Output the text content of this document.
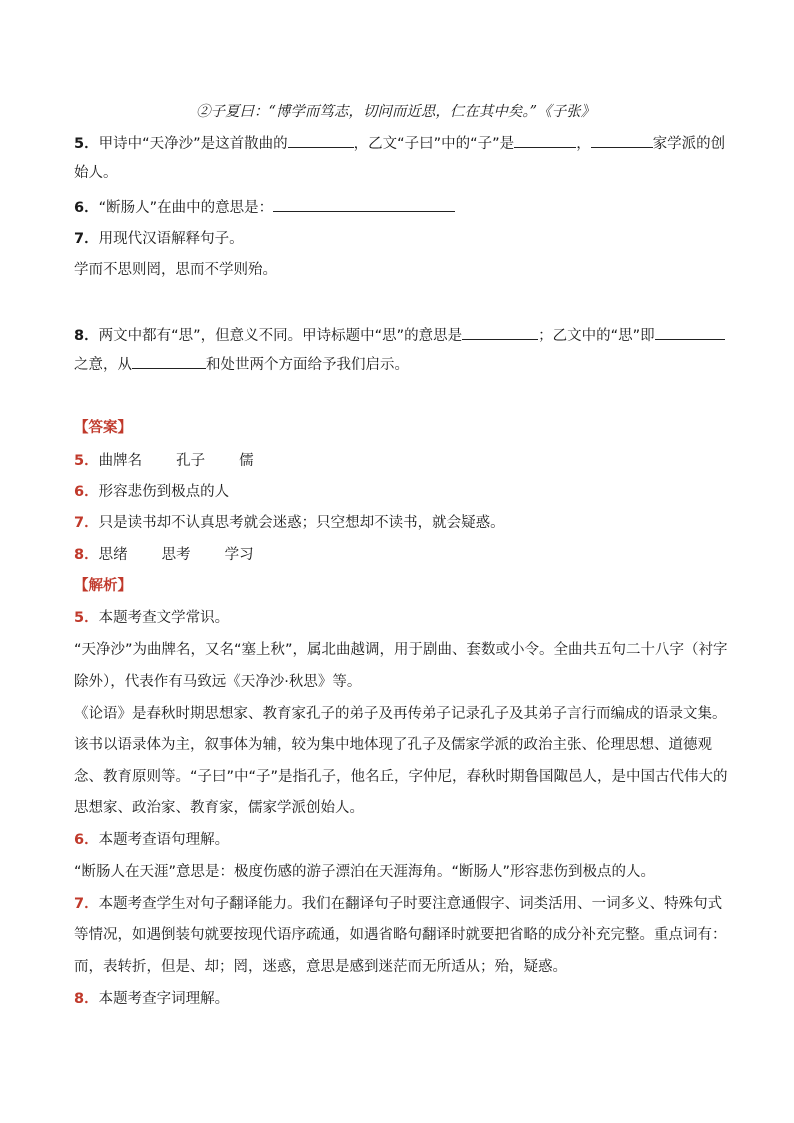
②子夏曰：“博学而笃志，切问而近思，仁在其中矣。”《子张》
5．甲诗中“天净沙”是这首散曲的	，乙文“子曰”中的“子”是	，	家学派的创
始人。
6．“断肠人”在曲中的意思是：
7．用现代汉语解释句子。
学而不思则罔，思而不学则殆。
8．两文中都有“思”，但意义不同。甲诗标题中“思”的意思是	；乙文中的“思”即
之意，从	和处世两个方面给予我们启示。
【答案】
5．曲牌名 孔子 儒
6．形容悲伤到极点的人
7．只是读书却不认真思考就会迷惑；只空想却不读书，就会疑惑。
8．思绪 思考 学习
【解析】
5．本题考查文学常识。
“天净沙”为曲牌名，又名“塞上秋”，属北曲越调，用于剧曲、套数或小令。全曲共五句二十八字（衬字
除外），代表作有马致远《天净沙·秋思》等。
《论语》是春秋时期思想家、教育家孔子的弟子及再传弟子记录孔子及其弟子言行而编成的语录文集。
该书以语录体为主，叙事体为辅，较为集中地体现了孔子及儒家学派的政治主张、伦理思想、道德观
念、教育原则等。“子曰”中“子”是指孔子，他名丘，字仲尼，春秋时期鲁国陬邑人，是中国古代伟大的
思想家、政治家、教育家，儒家学派创始人。
6．本题考查语句理解。
“断肠人在天涯”意思是：极度伤感的游子漂泊在天涯海角。“断肠人”形容悲伤到极点的人。
7．本题考查学生对句子翻译能力。我们在翻译句子时要注意通假字、词类活用、一词多义、特殊句式
等情况，如遇倒装句就要按现代语序疏通，如遇省略句翻译时就要把省略的成分补充完整。重点词有：
而，表转折，但是、却；罔，迷惑，意思是感到迷茫而无所适从；殆，疑惑。
8．本题考查字词理解。
